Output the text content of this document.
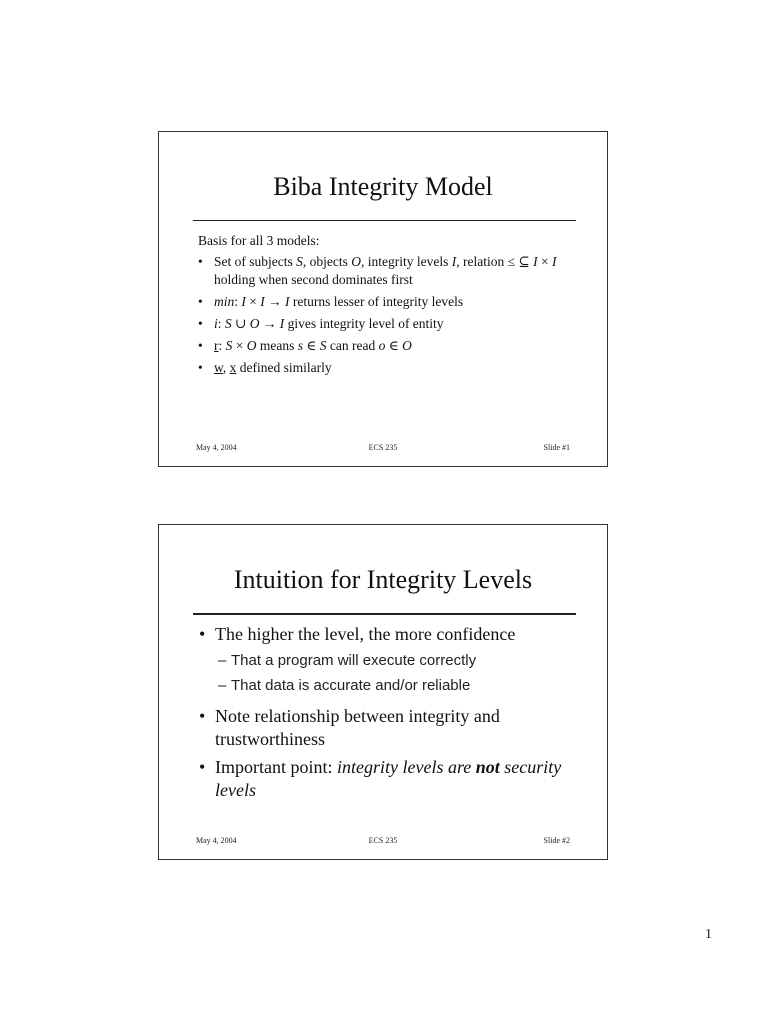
Biba Integrity Model
Basis for all 3 models:
• Set of subjects S, objects O, integrity levels I, relation ≤ ⊆ I × I holding when second dominates first
• min: I × I → I returns lesser of integrity levels
• i: S ∪ O → I gives integrity level of entity
• r: S × O means s ∈ S can read o ∈ O
• w, x defined similarly
May 4, 2004	ECS 235	Slide #1
Intuition for Integrity Levels
• The higher the level, the more confidence
– That a program will execute correctly
– That data is accurate and/or reliable
• Note relationship between integrity and trustworthiness
• Important point: integrity levels are not security levels
May 4, 2004	ECS 235	Slide #2
1
